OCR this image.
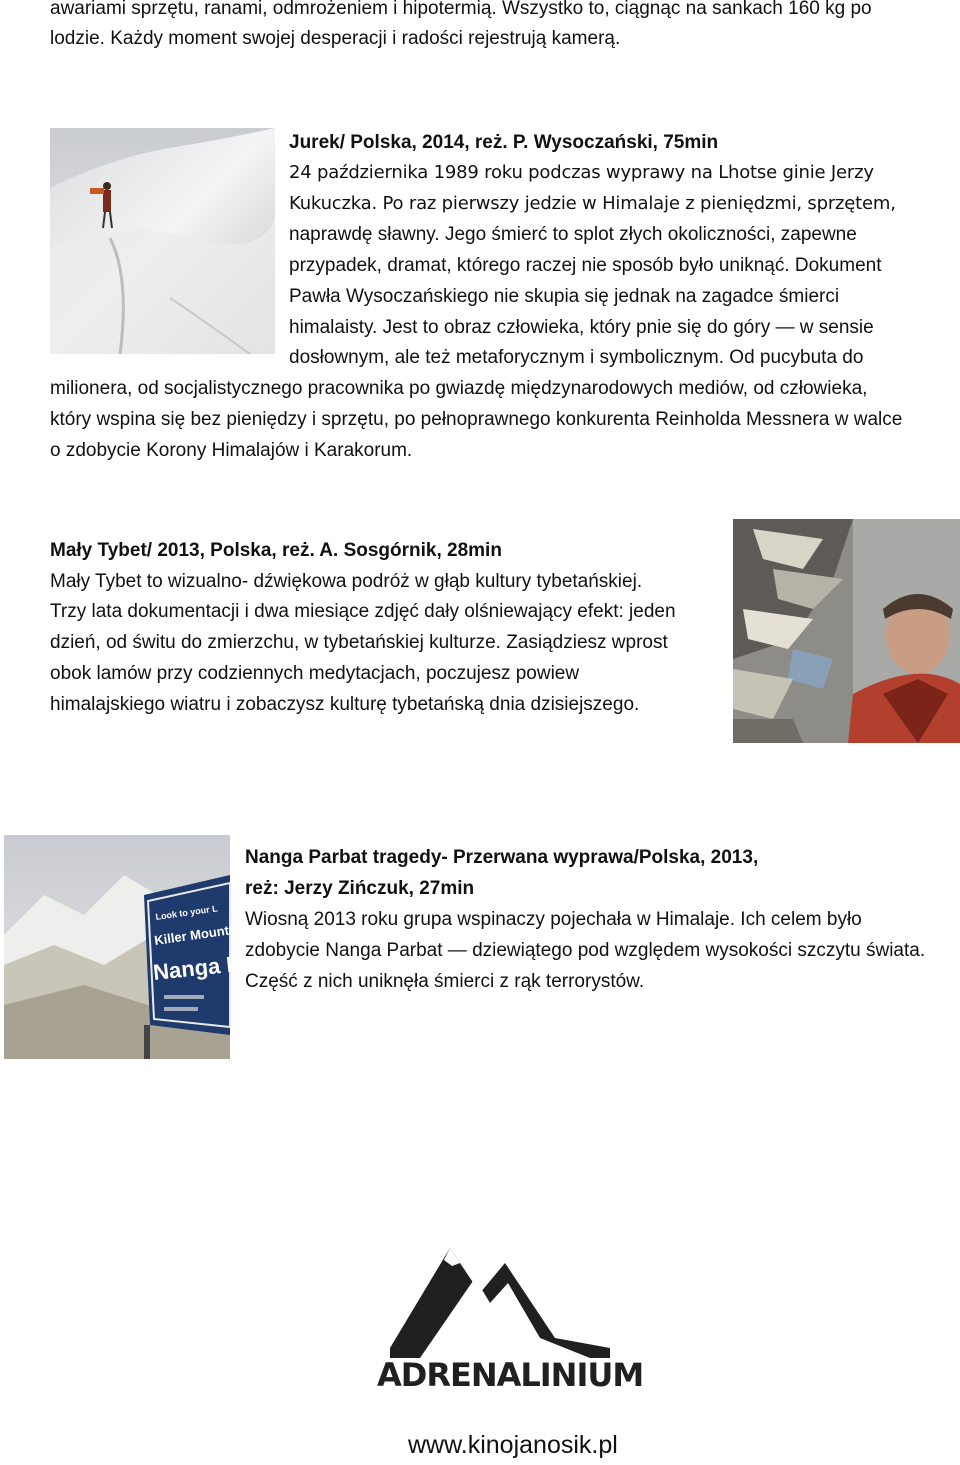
awariami sprzętu, ranami, odmrożeniem i hipotermią. Wszystko to, ciągnąc na sankach 160 kg po
lodzie. Każdy moment swojej desperacji i radości rejestrują kamerą.
Jurek/ Polska, 2014, reż. P. Wysoczański, 75min
24 października 1989 roku podczas wyprawy na Lhotse ginie Jerzy
Kukuczka. Po raz pierwszy jedzie w Himalaje z pieniędzmi, sprzętem,
naprawdę sławny. Jego śmierć to splot złych okoliczności, zapewne
przypadek, dramat, którego raczej nie sposób było uniknąć. Dokument
Pawła Wysoczańskiego nie skupia się jednak na zagadce śmierci
himalaisty. Jest to obraz człowieka, który pnie się do góry — w sensie
dosłownym, ale też metaforycznym i symbolicznym. Od pucybuta do
milionera, od socjalistycznego pracownika po gwiazdę międzynarodowych mediów, od człowieka,
który wspina się bez pieniędzy i sprzętu, po pełnoprawnego konkurenta Reinholda Messnera w walce
o zdobycie Korony Himalajów i Karakorum.
Mały Tybet/ 2013, Polska, reż. A. Sosgórnik, 28min
Mały Tybet to wizualno- dźwiękowa podróż w głąb kultury tybetańskiej.
Trzy lata dokumentacji i dwa miesiące zdjęć dały olśniewający efekt: jeden
dzień, od świtu do zmierzchu, w tybetańskiej kulturze. Zasiądziesz wprost
obok lamów przy codziennych medytacjach, poczujesz powiew
himalajskiego wiatru i zobaczysz kulturę tybetańską dnia dzisiejszego.
Look to your L
Killer Mounta
Nanga Par
Nanga Parbat tragedy- Przerwana wyprawa/Polska, 2013,
reż: Jerzy Zińczuk, 27min
Wiosną 2013 roku grupa wspinaczy pojechała w Himalaje. Ich celem było
zdobycie Nanga Parbat — dziewiątego pod względem wysokości szczytu świata.
Część z nich uniknęła śmierci z rąk terrorystów.
ADRENALINIUM
www.kinojanosik.pl
